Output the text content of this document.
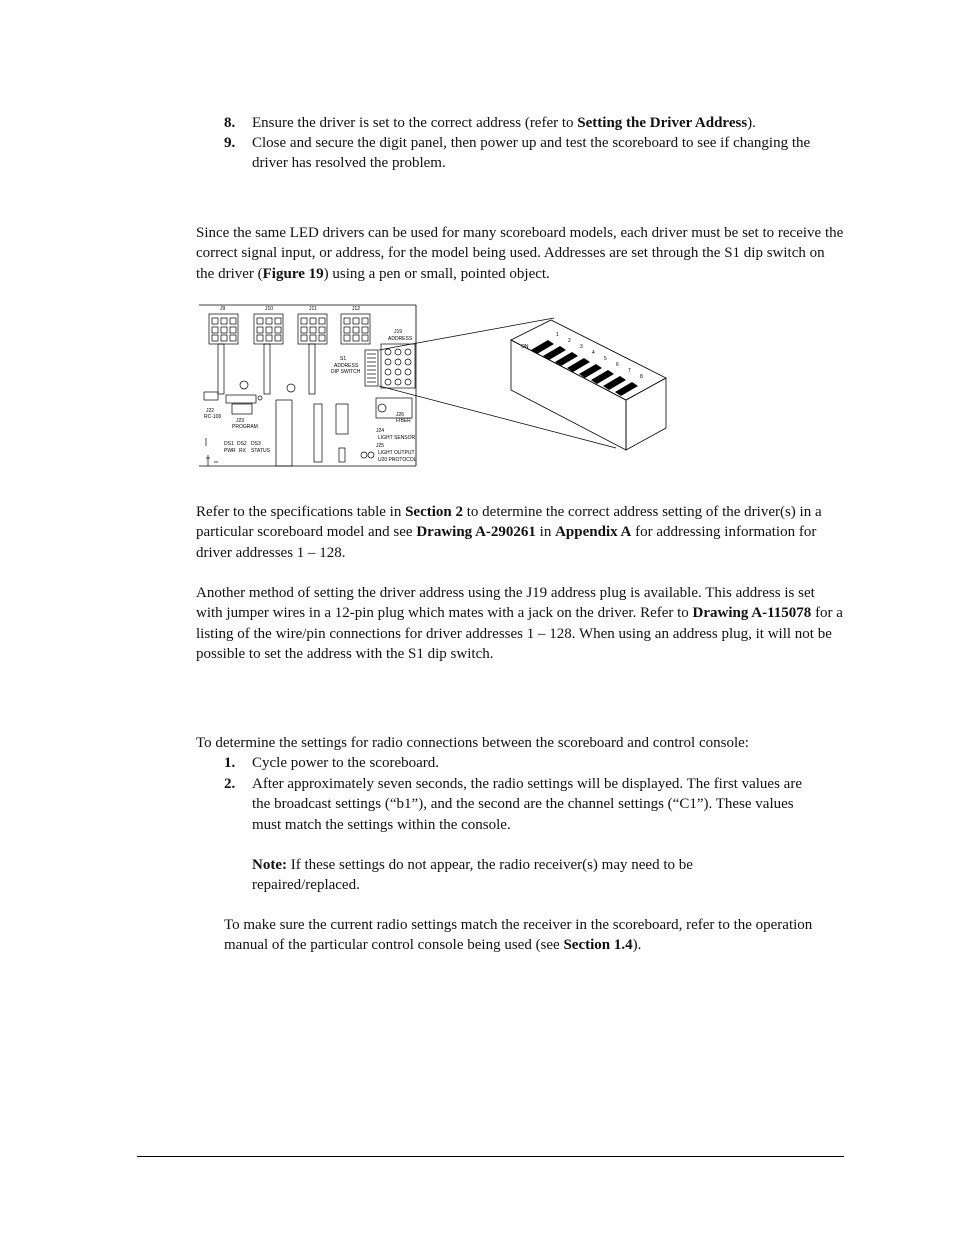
8. Ensure the driver is set to the correct address (refer to Setting the Driver Address).
9. Close and secure the digit panel, then power up and test the scoreboard to see if changing the driver has resolved the problem.

Since the same LED drivers can be used for many scoreboard models, each driver must be set to receive the correct signal input, or address, for the model being used. Addresses are set through the S1 dip switch on the driver (Figure 19) using a pen or small, pointed object.

J9	J10	J11	J12
J19
ADDRESS
S1
ADDRESS
DIP SWITCH
J22
RC-100
J23
PROGRAM
J26
FIBER
J24
LIGHT SENSOR
J25
LIGHT OUTPUT
U20 PROTOCOL
DS1 DS2 DS3
PWR RX STATUS
ON
1
2
3
4
5
6
7
8

Refer to the specifications table in Section 2 to determine the correct address setting of the driver(s) in a particular scoreboard model and see Drawing A-290261 in Appendix A for addressing information for driver addresses 1 – 128.

Another method of setting the driver address using the J19 address plug is available. This address is set with jumper wires in a 12-pin plug which mates with a jack on the driver. Refer to Drawing A-115078 for a listing of the wire/pin connections for driver addresses 1 – 128. When using an address plug, it will not be possible to set the address with the S1 dip switch.

To determine the settings for radio connections between the scoreboard and control console:

1. Cycle power to the scoreboard.
2. After approximately seven seconds, the radio settings will be displayed. The first values are the broadcast settings (“b1”), and the second are the channel settings (“C1”). These values must match the settings within the console.

Note: If these settings do not appear, the radio receiver(s) may need to be repaired/replaced.

To make sure the current radio settings match the receiver in the scoreboard, refer to the operation manual of the particular control console being used (see Section 1.4).
